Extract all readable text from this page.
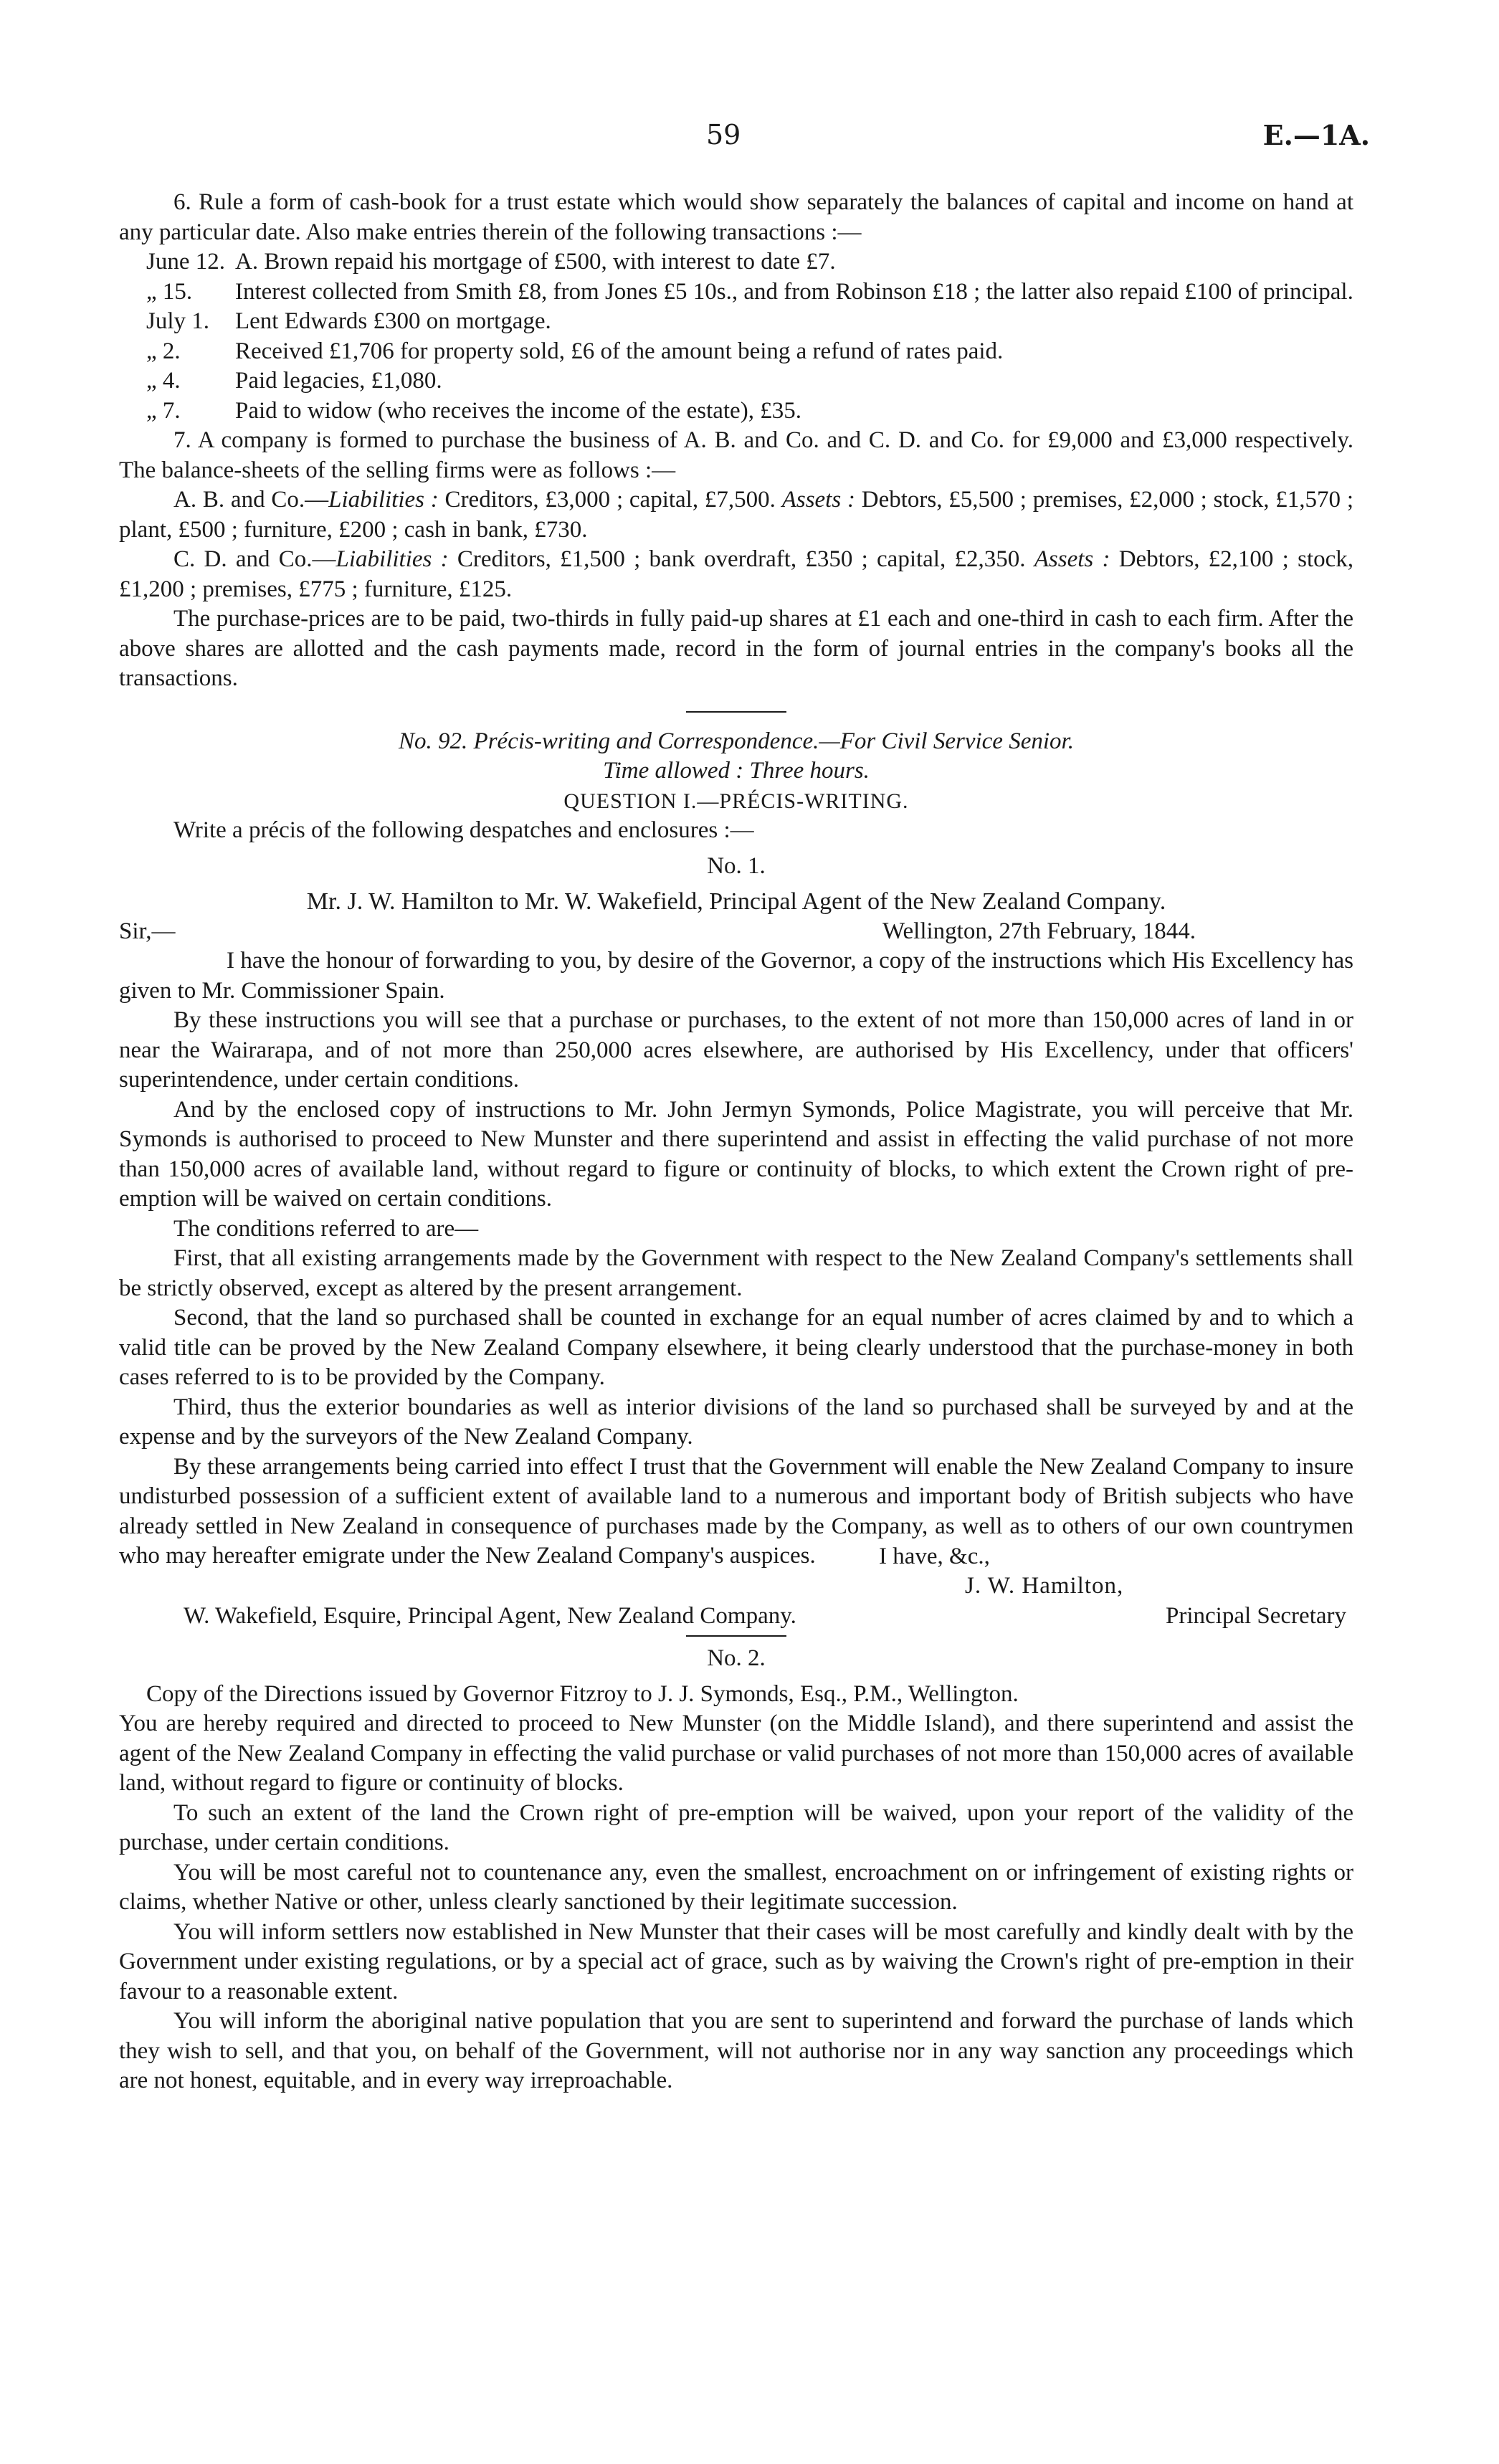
59	E.—1A.

6. Rule a form of cash-book for a trust estate which would show separately the balances of capital and income on hand at any particular date. Also make entries therein of the following transactions :—

June 12. A. Brown repaid his mortgage of £500, with interest to date £7.

„ 15. Interest collected from Smith £8, from Jones £5 10s., and from Robinson £18 ; the latter also repaid £100 of principal.

July 1. Lent Edwards £300 on mortgage.

„ 2. Received £1,706 for property sold, £6 of the amount being a refund of rates paid.

„ 4. Paid legacies, £1,080.

„ 7. Paid to widow (who receives the income of the estate), £35.

7. A company is formed to purchase the business of A. B. and Co. and C. D. and Co. for £9,000 and £3,000 respectively. The balance-sheets of the selling firms were as follows :—

A. B. and Co.—Liabilities : Creditors, £3,000 ; capital, £7,500. Assets : Debtors, £5,500 ; premises, £2,000 ; stock, £1,570 ; plant, £500 ; furniture, £200 ; cash in bank, £730.

C. D. and Co.—Liabilities : Creditors, £1,500 ; bank overdraft, £350 ; capital, £2,350. Assets : Debtors, £2,100 ; stock, £1,200 ; premises, £775 ; furniture, £125.

The purchase-prices are to be paid, two-thirds in fully paid-up shares at £1 each and one-third in cash to each firm. After the above shares are allotted and the cash payments made, record in the form of journal entries in the company's books all the transactions.

No. 92. Précis-writing and Correspondence.—For Civil Service Senior.

Time allowed : Three hours.

QUESTION I.—PRÉCIS-WRITING.

Write a précis of the following despatches and enclosures :—

No. 1.

Mr. J. W. Hamilton to Mr. W. Wakefield, Principal Agent of the New Zealand Company.

Sir,—	Wellington, 27th February, 1844.

I have the honour of forwarding to you, by desire of the Governor, a copy of the instructions which His Excellency has given to Mr. Commissioner Spain.

By these instructions you will see that a purchase or purchases, to the extent of not more than 150,000 acres of land in or near the Wairarapa, and of not more than 250,000 acres elsewhere, are authorised by His Excellency, under that officers' superintendence, under certain conditions.

And by the enclosed copy of instructions to Mr. John Jermyn Symonds, Police Magistrate, you will perceive that Mr. Symonds is authorised to proceed to New Munster and there superintend and assist in effecting the valid purchase of not more than 150,000 acres of available land, without regard to figure or continuity of blocks, to which extent the Crown right of pre-emption will be waived on certain conditions.

The conditions referred to are—

First, that all existing arrangements made by the Government with respect to the New Zealand Company's settlements shall be strictly observed, except as altered by the present arrangement.

Second, that the land so purchased shall be counted in exchange for an equal number of acres claimed by and to which a valid title can be proved by the New Zealand Company elsewhere, it being clearly understood that the purchase-money in both cases referred to is to be provided by the Company.

Third, thus the exterior boundaries as well as interior divisions of the land so purchased shall be surveyed by and at the expense and by the surveyors of the New Zealand Company.

By these arrangements being carried into effect I trust that the Government will enable the New Zealand Company to insure undisturbed possession of a sufficient extent of available land to a numerous and important body of British subjects who have already settled in New Zealand in consequence of purchases made by the Company, as well as to others of our own countrymen who may hereafter emigrate under the New Zealand Company's auspices.	I have, &c.,

J. W. Hamilton,

W. Wakefield, Esquire, Principal Agent, New Zealand Company.	Principal Secretary

No. 2.

Copy of the Directions issued by Governor Fitzroy to J. J. Symonds, Esq., P.M., Wellington.

You are hereby required and directed to proceed to New Munster (on the Middle Island), and there superintend and assist the agent of the New Zealand Company in effecting the valid purchase or valid purchases of not more than 150,000 acres of available land, without regard to figure or continuity of blocks.

To such an extent of the land the Crown right of pre-emption will be waived, upon your report of the validity of the purchase, under certain conditions.

You will be most careful not to countenance any, even the smallest, encroachment on or infringement of existing rights or claims, whether Native or other, unless clearly sanctioned by their legitimate succession.

You will inform settlers now established in New Munster that their cases will be most carefully and kindly dealt with by the Government under existing regulations, or by a special act of grace, such as by waiving the Crown's right of pre-emption in their favour to a reasonable extent.

You will inform the aboriginal native population that you are sent to superintend and forward the purchase of lands which they wish to sell, and that you, on behalf of the Government, will not authorise nor in any way sanction any proceedings which are not honest, equitable, and in every way irreproachable.
